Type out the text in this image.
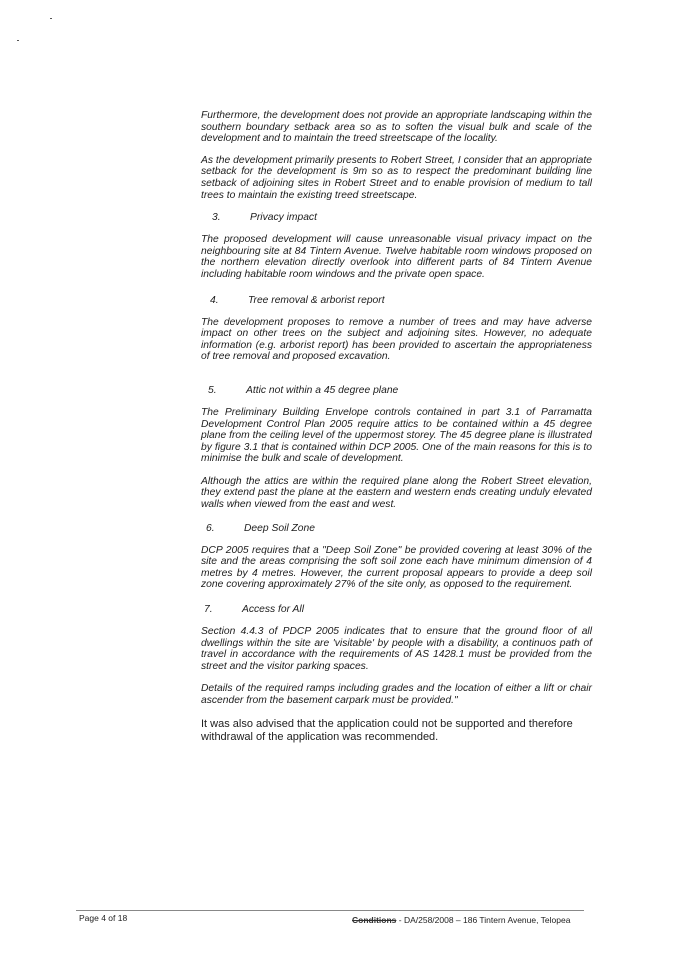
Furthermore, the development does not provide an appropriate landscaping within the southern boundary setback area so as to soften the visual bulk and scale of the development and to maintain the treed streetscape of the locality.

As the development primarily presents to Robert Street, I consider that an appropriate setback for the development is 9m so as to respect the predominant building line setback of adjoining sites in Robert Street and to enable provision of medium to tall trees to maintain the existing treed streetscape.

3.	Privacy impact

The proposed development will cause unreasonable visual privacy impact on the neighbouring site at 84 Tintern Avenue. Twelve habitable room windows proposed on the northern elevation directly overlook into different parts of 84 Tintern Avenue including habitable room windows and the private open space.

4.	Tree removal & arborist report

The development proposes to remove a number of trees and may have adverse impact on other trees on the subject and adjoining sites. However, no adequate information (e.g. arborist report) has been provided to ascertain the appropriateness of tree removal and proposed excavation.

5.	Attic not within a 45 degree plane

The Preliminary Building Envelope controls contained in part 3.1 of Parramatta Development Control Plan 2005 require attics to be contained within a 45 degree plane from the ceiling level of the uppermost storey. The 45 degree plane is illustrated by figure 3.1 that is contained within DCP 2005. One of the main reasons for this is to minimise the bulk and scale of development.

Although the attics are within the required plane along the Robert Street elevation, they extend past the plane at the eastern and western ends creating unduly elevated walls when viewed from the east and west.

6.	Deep Soil Zone

DCP 2005 requires that a "Deep Soil Zone" be provided covering at least 30% of the site and the areas comprising the soft soil zone each have minimum dimension of 4 metres by 4 metres. However, the current proposal appears to provide a deep soil zone covering approximately 27% of the site only, as opposed to the requirement.

7.	Access for All

Section 4.4.3 of PDCP 2005 indicates that to ensure that the ground floor of all dwellings within the site are 'visitable' by people with a disability, a continuos path of travel in accordance with the requirements of AS 1428.1 must be provided from the street and the visitor parking spaces.

Details of the required ramps including grades and the location of either a lift or chair ascender from the basement carpark must be provided."

It was also advised that the application could not be supported and therefore withdrawal of the application was recommended.

Page 4 of 18	Conditions - DA/258/2008 – 186 Tintern Avenue, Telopea
